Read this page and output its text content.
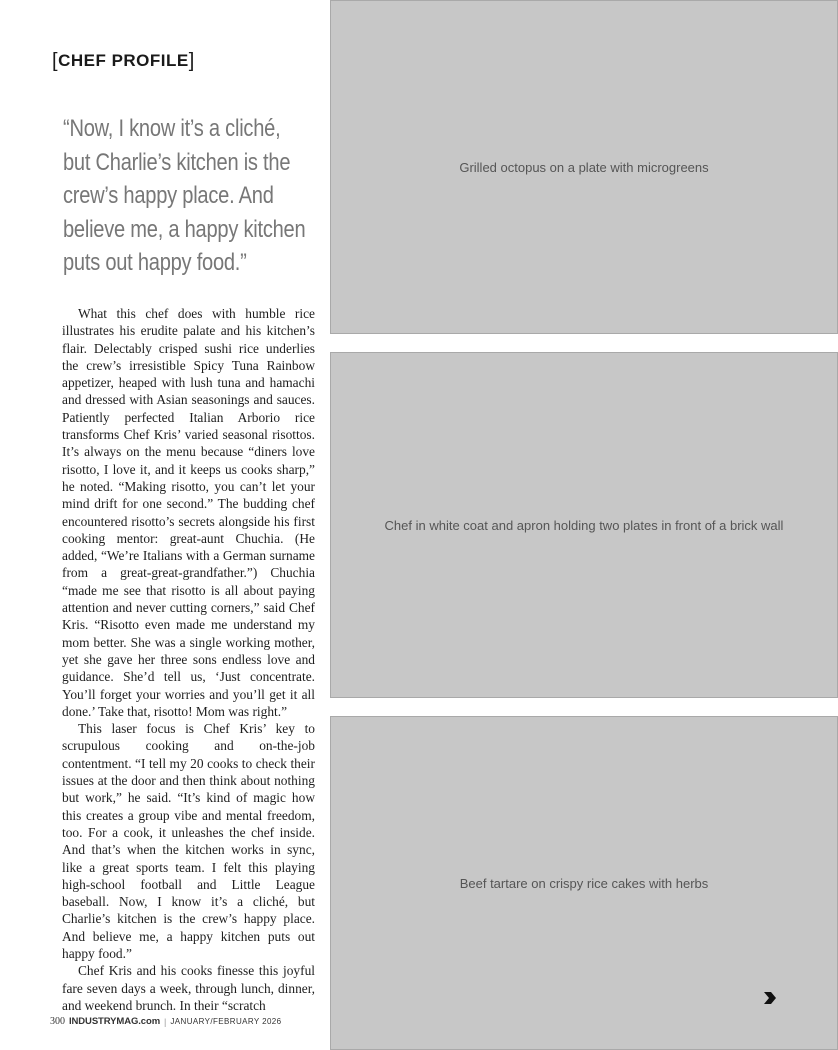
[CHEF PROFILE]

“Now, I know it’s a cliché, but Charlie’s kitchen is the crew’s happy place. And believe me, a happy kitchen puts out happy food.”

What this chef does with humble rice illustrates his erudite palate and his kitchen’s flair. Delectably crisped sushi rice underlies the crew’s irresistible Spicy Tuna Rainbow appetizer, heaped with lush tuna and hamachi and dressed with Asian seasonings and sauces. Patiently perfected Italian Arborio rice transforms Chef Kris’ varied seasonal risottos. It’s always on the menu because “diners love risotto, I love it, and it keeps us cooks sharp,” he noted. “Making risotto, you can’t let your mind drift for one second.” The budding chef encountered risotto’s secrets alongside his first cooking mentor: great-aunt Chuchia. (He added, “We’re Italians with a German surname from a great-great-grandfather.”) Chuchia “made me see that risotto is all about paying attention and never cutting corners,” said Chef Kris. “Risotto even made me understand my mom better. She was a single working mother, yet she gave her three sons endless love and guidance. She’d tell us, ‘Just concentrate. You’ll forget your worries and you’ll get it all done.’ Take that, risotto! Mom was right.”

This laser focus is Chef Kris’ key to scrupulous cooking and on-the-job contentment. “I tell my 20 cooks to check their issues at the door and then think about nothing but work,” he said. “It’s kind of magic how this creates a group vibe and mental freedom, too. For a cook, it unleashes the chef inside. And that’s when the kitchen works in sync, like a great sports team. I felt this playing high-school football and Little League baseball. Now, I know it’s a cliché, but Charlie’s kitchen is the crew’s happy place. And believe me, a happy kitchen puts out happy food.”

Chef Kris and his cooks finesse this joyful fare seven days a week, through lunch, dinner, and weekend brunch. In their “scratch

Grilled octopus on a plate with microgreens
Chef in white coat and apron holding two plates in front of a brick wall
Beef tartare on crispy rice cakes with herbs
300 INDUSTRYMAG.com | JANUARY/FEBRUARY 2026
